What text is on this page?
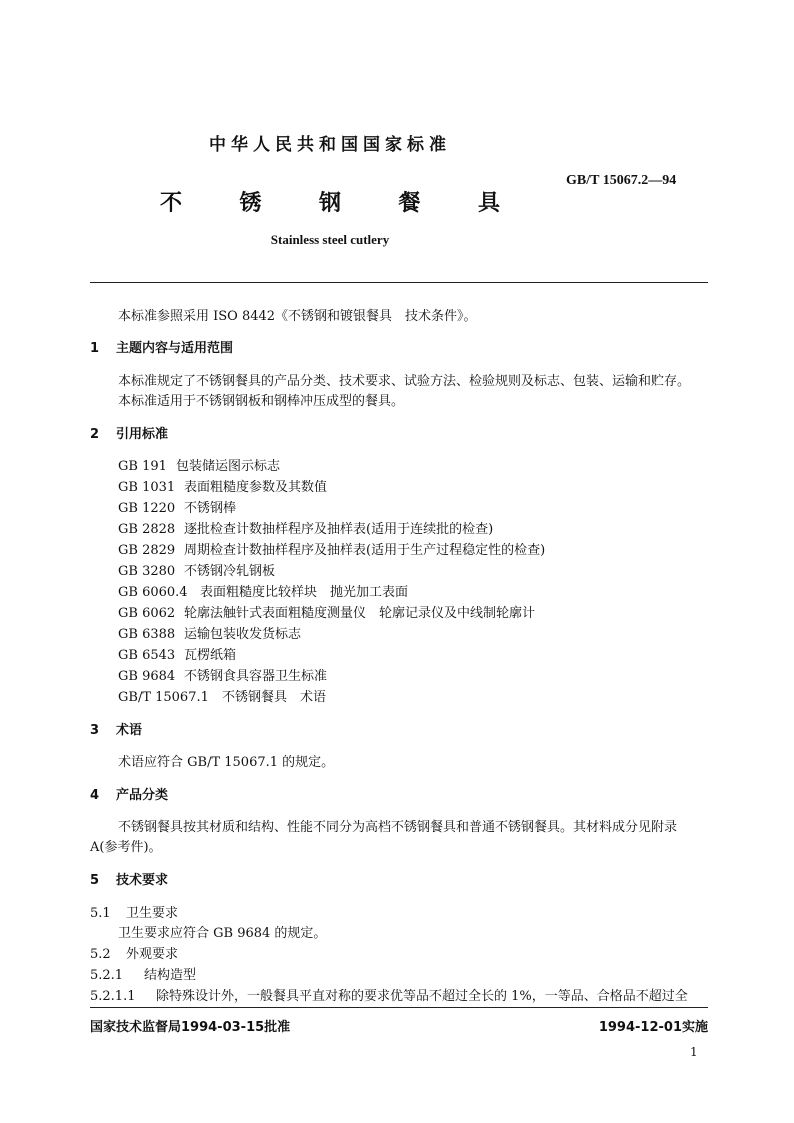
中华人民共和国国家标准
GB/T 15067.2—94
不	锈	钢	餐	具
Stainless steel cutlery
本标准参照采用 ISO 8442《不锈钢和镀银餐具　技术条件》。
1 主题内容与适用范围
本标准规定了不锈钢餐具的产品分类、技术要求、试验方法、检验规则及标志、包装、运输和贮存。
本标准适用于不锈钢钢板和钢棒冲压成型的餐具。
2 引用标准
GB 191 包装储运图示标志
GB 1031 表面粗糙度参数及其数值
GB 1220 不锈钢棒
GB 2828 逐批检查计数抽样程序及抽样表(适用于连续批的检查)
GB 2829 周期检查计数抽样程序及抽样表(适用于生产过程稳定性的检查)
GB 3280 不锈钢冷轧钢板
GB 6060.4 表面粗糙度比较样块　抛光加工表面
GB 6062 轮廓法触针式表面粗糙度测量仪　轮廓记录仪及中线制轮廓计
GB 6388 运输包装收发货标志
GB 6543 瓦楞纸箱
GB 9684 不锈钢食具容器卫生标准
GB/T 15067.1 不锈钢餐具　术语
3 术语
术语应符合 GB/T 15067.1 的规定。
4 产品分类
不锈钢餐具按其材质和结构、性能不同分为高档不锈钢餐具和普通不锈钢餐具。其材料成分见附录
A(参考件)。
5 技术要求
5.1 卫生要求
卫生要求应符合 GB 9684 的规定。
5.2 外观要求
5.2.1 结构造型
5.2.1.1 除特殊设计外，一般餐具平直对称的要求优等品不超过全长的 1%，一等品、合格品不超过全
国家技术监督局1994-03-15批准	1994-12-01实施
1
